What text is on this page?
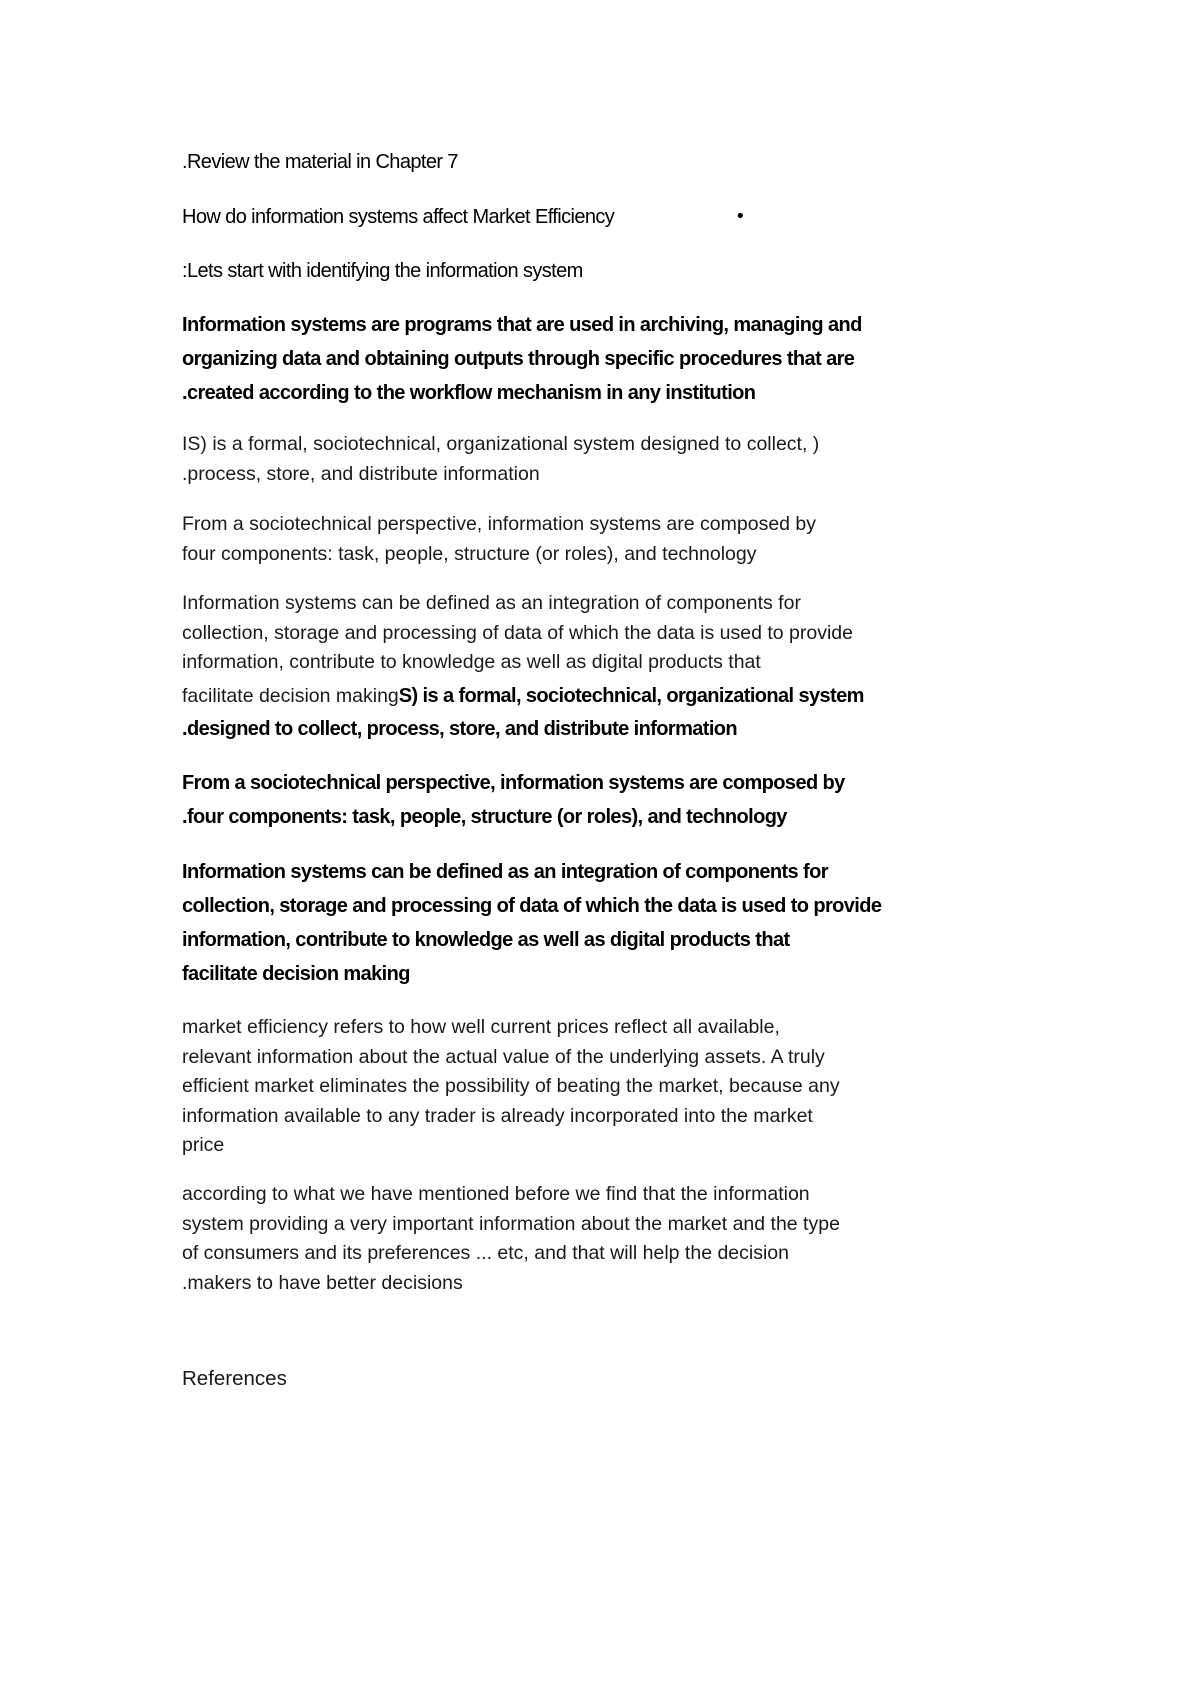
.Review the material in Chapter 7

How do information systems affect Market Efficiency	•

:Lets start with identifying the information system

Information systems are programs that are used in archiving, managing and
organizing data and obtaining outputs through specific procedures that are
.created according to the workflow mechanism in any institution
IS) is a formal, sociotechnical, organizational system designed to collect, )
.process, store, and distribute information
From a sociotechnical perspective, information systems are composed by
four components: task, people, structure (or roles), and technology
Information systems can be defined as an integration of components for
collection, storage and processing of data of which the data is used to provide
information, contribute to knowledge as well as digital products that

facilitate decision makingS) is a formal, sociotechnical, organizational system

.designed to collect, process, store, and distribute information

From a sociotechnical perspective, information systems are composed by
.four components: task, people, structure (or roles), and technology
Information systems can be defined as an integration of components for
collection, storage and processing of data of which the data is used to provide
information, contribute to knowledge as well as digital products that
facilitate decision making
market efficiency refers to how well current prices reflect all available,
relevant information about the actual value of the underlying assets. A truly
efficient market eliminates the possibility of beating the market, because any
information available to any trader is already incorporated into the market
price
according to what we have mentioned before we find that the information
system providing a very important information about the market and the type
of consumers and its preferences ... etc, and that will help the decision
.makers to have better decisions

References
